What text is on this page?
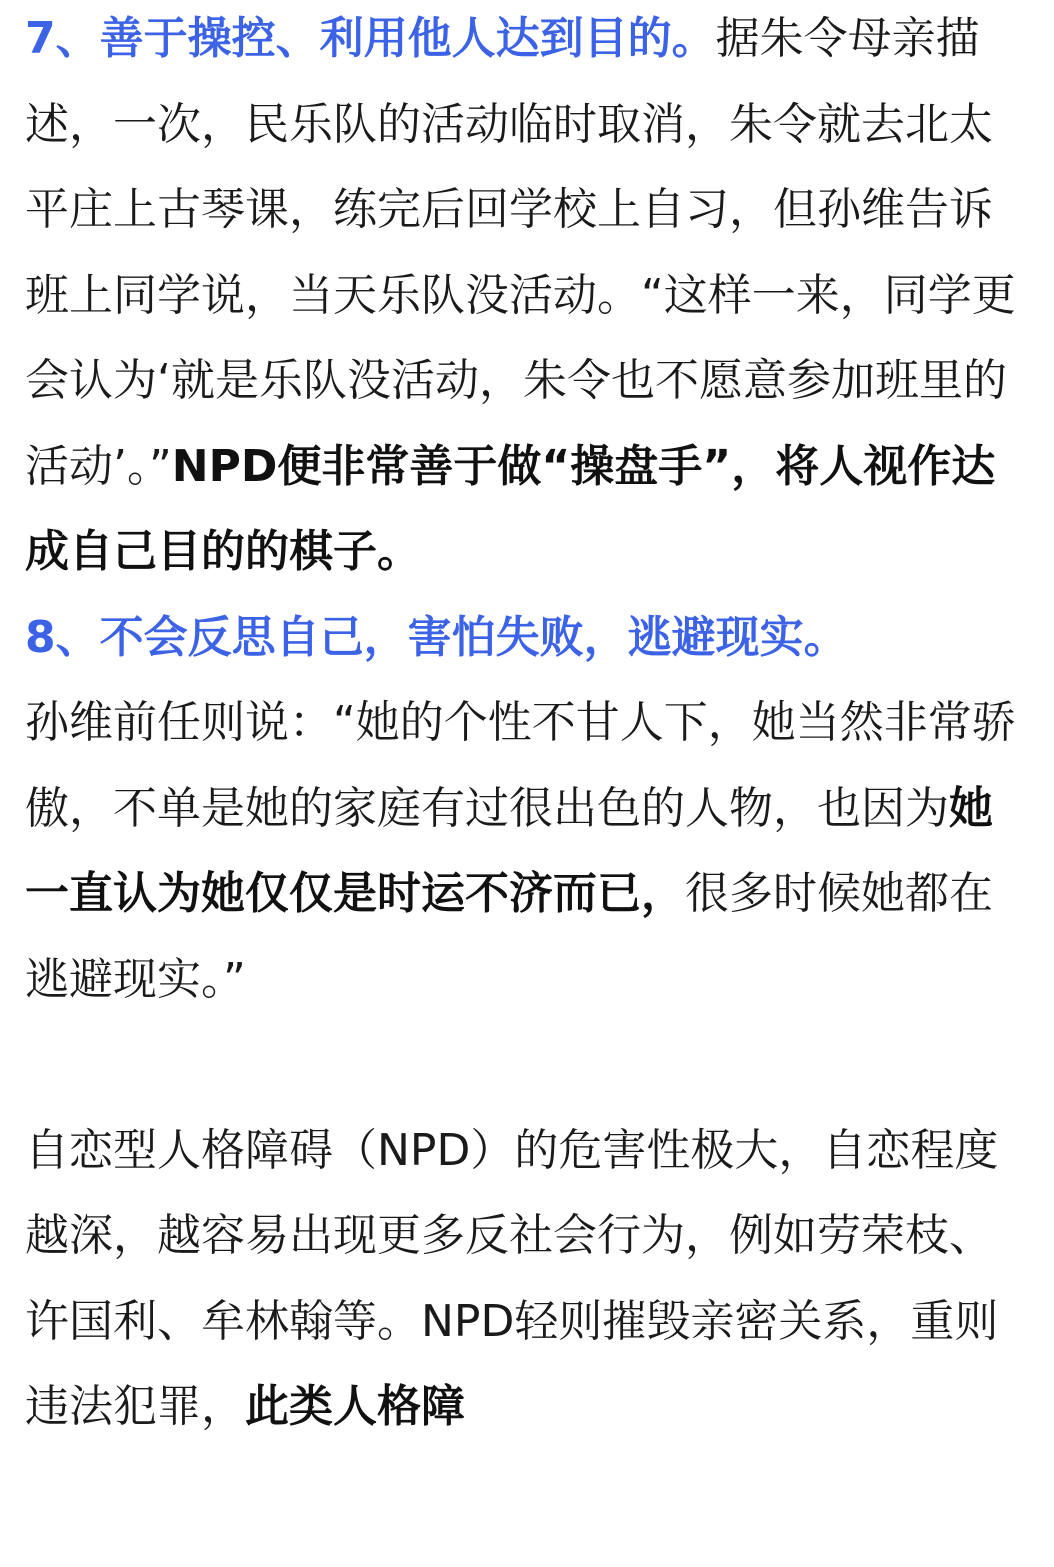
7、善于操控、利用他人达到目的。据朱令母亲描述，一次，民乐队的活动临时取消，朱令就去北太平庄上古琴课，练完后回学校上自习，但孙维告诉班上同学说，当天乐队没活动。“这样一来，同学更会认为‘就是乐队没活动，朱令也不愿意参加班里的活动’。”NPD便非常善于做“操盘手”，将人视作达成自己目的的棋子。

8、不会反思自己，害怕失败，逃避现实。

孙维前任则说：“她的个性不甘人下，她当然非常骄傲，不单是她的家庭有过很出色的人物，也因为她一直认为她仅仅是时运不济而已，很多时候她都在逃避现实。”

自恋型人格障碍（NPD）的危害性极大，自恋程度越深，越容易出现更多反社会行为，例如劳荣枝、许国利、牟林翰等。NPD轻则摧毁亲密关系，重则违法犯罪，此类人格障
